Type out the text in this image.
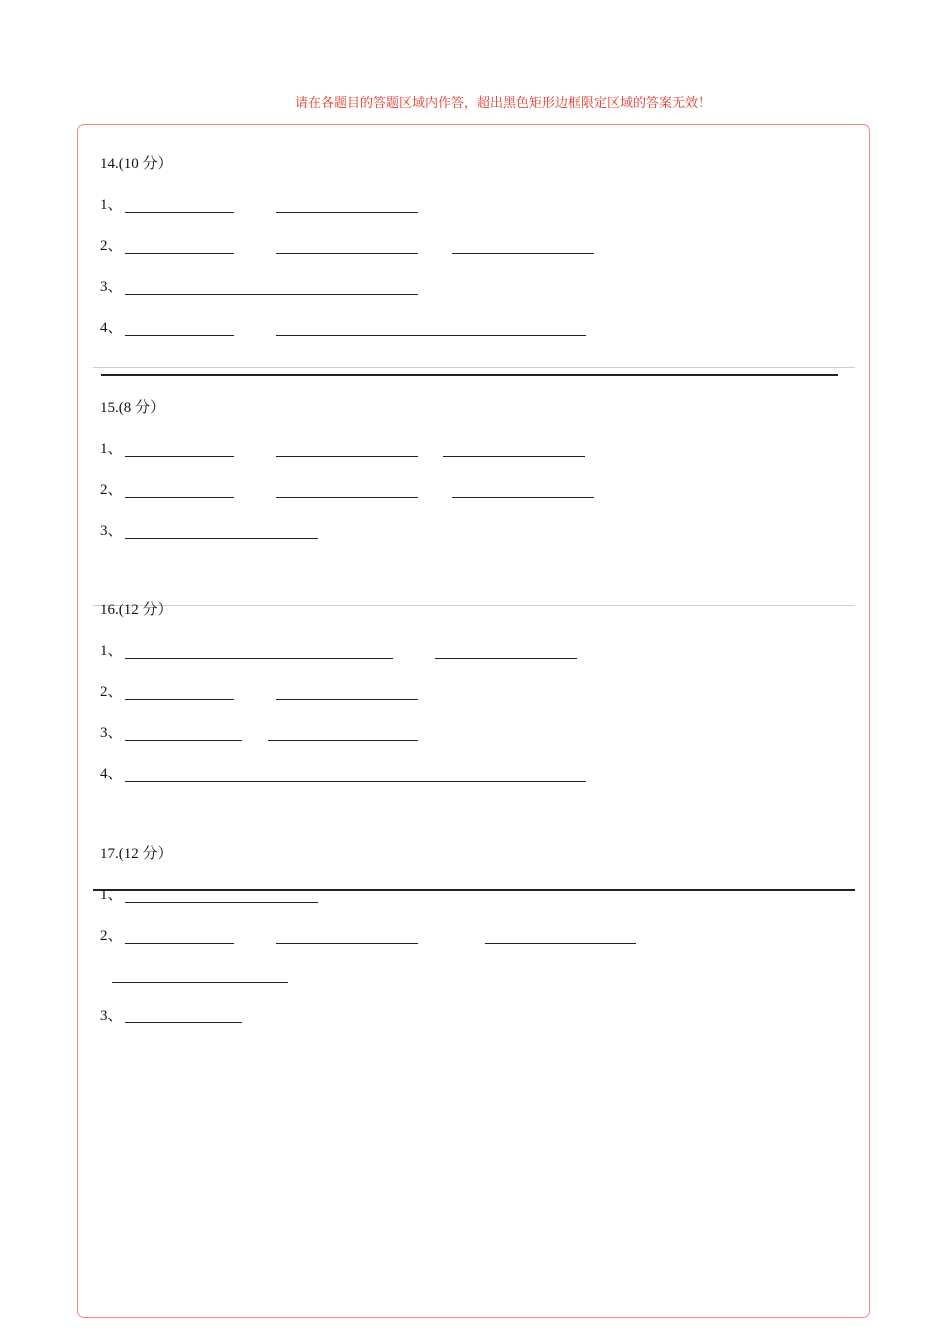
请在各题目的答题区域内作答，超出黑色矩形边框限定区域的答案无效！
14.(10 分）
1、
2、
3、
4、
15.(8 分）
1、
2、
3、
16.(12 分）
1、
2、
3、
4、
17.(12 分）
1、
2、
3、
